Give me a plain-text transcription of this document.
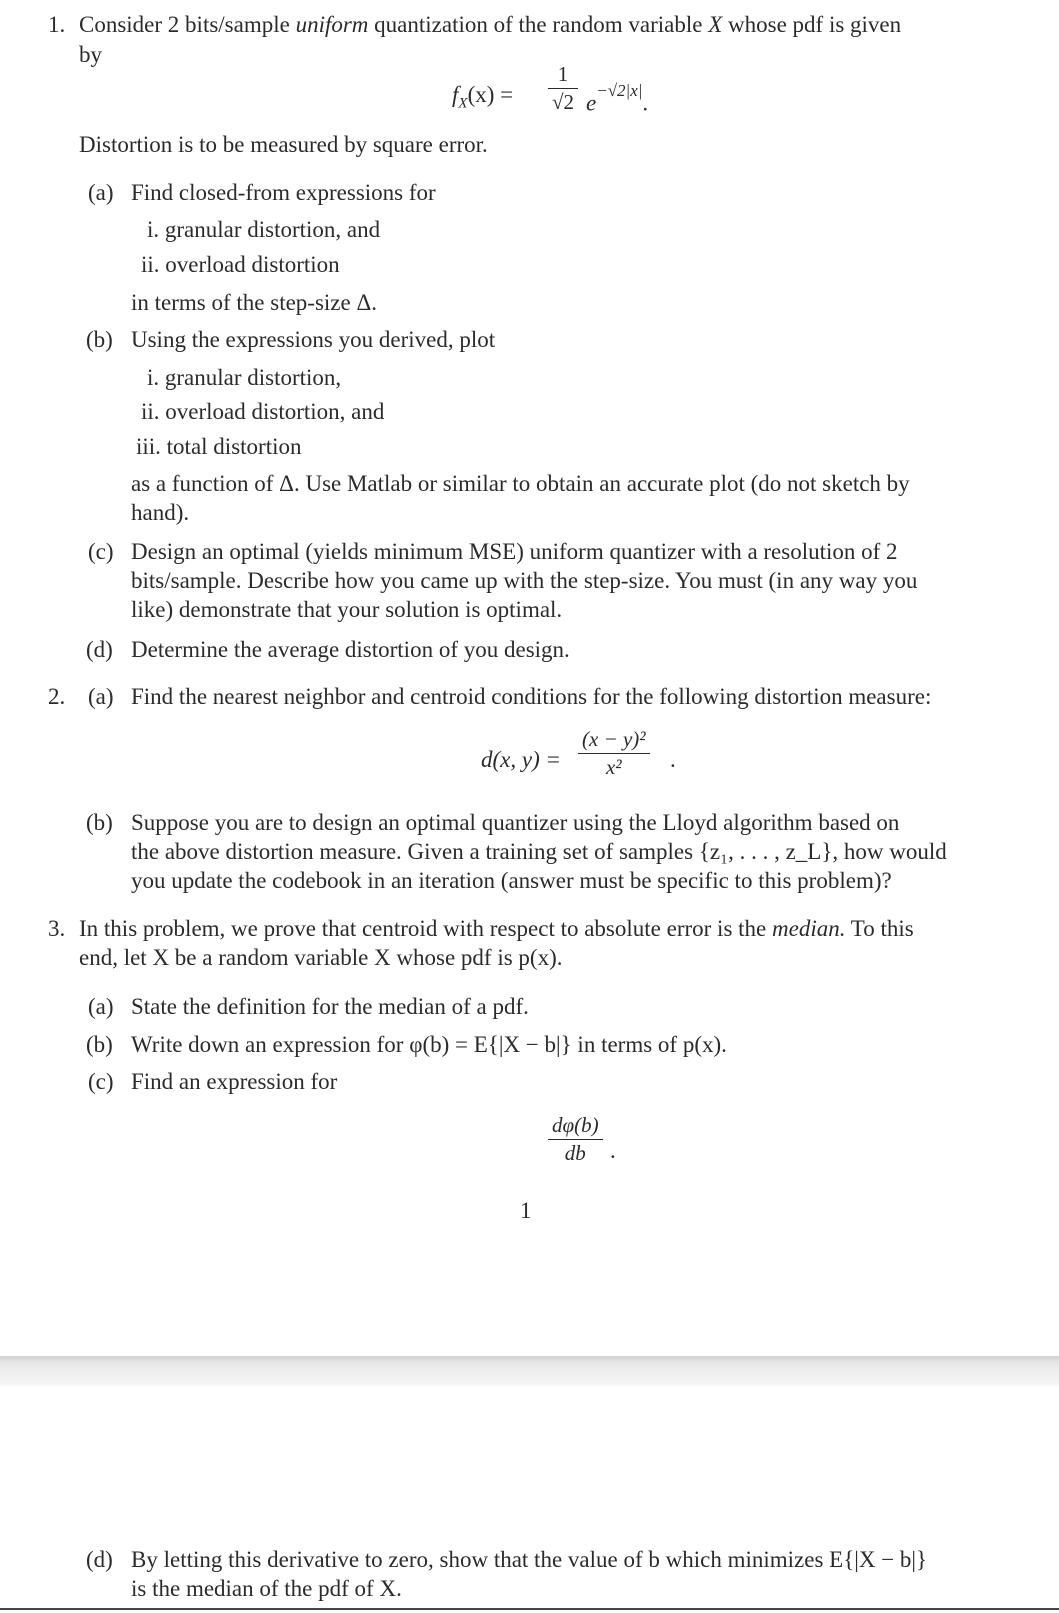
1. Consider 2 bits/sample uniform quantization of the random variable X whose pdf is given
by
$f_X(x)$ =
1
√2 $e^{-√2|x|}$.
Distortion is to be measured by square error.
(a) Find closed-from expressions for
i. granular distortion, and
ii. overload distortion
in terms of the step-size Δ.
(b) Using the expressions you derived, plot
i. granular distortion,
ii. overload distortion, and
iii. total distortion
as a function of Δ. Use Matlab or similar to obtain an accurate plot (do not sketch by
hand).
(c) Design an optimal (yields minimum MSE) uniform quantizer with a resolution of 2
bits/sample. Describe how you came up with the step-size. You must (in any way you
like) demonstrate that your solution is optimal.
(d) Determine the average distortion of you design.
2. (a) Find the nearest neighbor and centroid conditions for the following distortion measure:
d(x, y) =
(x − y)²
x²	.
(b) Suppose you are to design an optimal quantizer using the Lloyd algorithm based on
the above distortion measure. Given a training set of samples {z₁, . . . , z_L}, how would
you update the codebook in an iteration (answer must be specific to this problem)?
3. In this problem, we prove that centroid with respect to absolute error is the median. To this
end, let X be a random variable X whose pdf is p(x).
(a) State the definition for the median of a pdf.
(b) Write down an expression for φ(b) = E{|X − b|} in terms of p(x).
(c) Find an expression for
dφ(b)
db	.
1
(d) By letting this derivative to zero, show that the value of b which minimizes E{|X − b|}
is the median of the pdf of X.
